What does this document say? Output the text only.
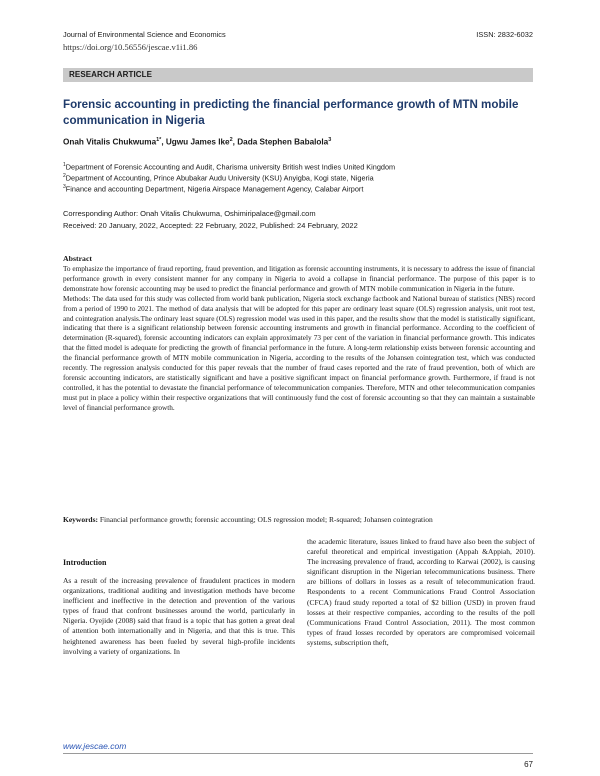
Journal of Environmental Science and Economics
https://doi.org/10.56556/jescae.v1i1.86
ISSN: 2832-6032
RESEARCH ARTICLE
Forensic accounting in predicting the financial performance growth of MTN mobile communication in Nigeria
Onah Vitalis Chukwuma$^{1*}$, Ugwu James Ike$^2$, Dada Stephen Babalola$^3$
$^1$Department of Forensic Accounting and Audit, Charisma university British west Indies United Kingdom
$^2$Department of Accounting, Prince Abubakar Audu University (KSU) Anyigba, Kogi state, Nigeria
$^3$Finance and accounting Department, Nigeria Airspace Management Agency, Calabar Airport
Corresponding Author: Onah Vitalis Chukwuma, Oshimiripalace@gmail.com
Received: 20 January, 2022, Accepted: 22 February, 2022, Published: 24 February, 2022
Abstract

To emphasize the importance of fraud reporting, fraud prevention, and litigation as forensic accounting instruments, it is necessary to address the issue of financial performance growth in every consistent manner for any company in Nigeria to avoid a collapse in financial performance. The purpose of this paper is to demonstrate how forensic accounting may be used to predict the financial performance and growth of MTN mobile communication in Nigeria in the future.

Methods: The data used for this study was collected from world bank publication, Nigeria stock exchange factbook and National bureau of statistics (NBS) record from a period of 1990 to 2021. The method of data analysis that will be adopted for this paper are ordinary least square (OLS) regression analysis, unit root test, and cointegration analysis.The ordinary least square (OLS) regression model was used in this paper, and the results show that the model is statistically significant, indicating that there is a significant relationship between forensic accounting instruments and growth in financial performance. According to the coefficient of determination (R-squared), forensic accounting indicators can explain approximately 73 per cent of the variation in financial performance growth. This indicates that the fitted model is adequate for predicting the growth of financial performance in the future. A long-term relationship exists between forensic accounting and the financial performance growth of MTN mobile communication in Nigeria, according to the results of the Johansen cointegration test, which was conducted recently. The regression analysis conducted for this paper reveals that the number of fraud cases reported and the rate of fraud prevention, both of which are forensic accounting indicators, are statistically significant and have a positive significant impact on financial performance growth. Furthermore, if fraud is not controlled, it has the potential to devastate the financial performance of telecommunication companies. Therefore, MTN and other telecommunication companies must put in place a policy within their respective organizations that will continuously fund the cost of forensic accounting so that they can maintain a sustainable level of financial performance growth.

Keywords: Financial performance growth; forensic accounting; OLS regression model; R-squared; Johansen cointegration
Introduction

As a result of the increasing prevalence of fraudulent practices in modern organizations, traditional auditing and investigation methods have become inefficient and ineffective in the detection and prevention of the various types of fraud that confront businesses around the world, particularly in Nigeria. Oyejide (2008) said that fraud is a topic that has gotten a great deal of attention both internationally and in Nigeria, and that this is true. This heightened awareness has been fueled by several high-profile incidents involving a variety of organizations. In

the academic literature, issues linked to fraud have also been the subject of careful theoretical and empirical investigation (Appah &Appiah, 2010). The increasing prevalence of fraud, according to Karwai (2002), is causing significant disruption in the Nigerian telecommunications business. There are billions of dollars in losses as a result of telecommunication fraud. Respondents to a recent Communications Fraud Control Association (CFCA) fraud study reported a total of $2 billion (USD) in proven fraud losses at their respective companies, according to the results of the poll (Communications Fraud Control Association, 2011). The most common types of fraud losses recorded by operators are compromised voicemail systems, subscription theft,

www.jescae.com
67
